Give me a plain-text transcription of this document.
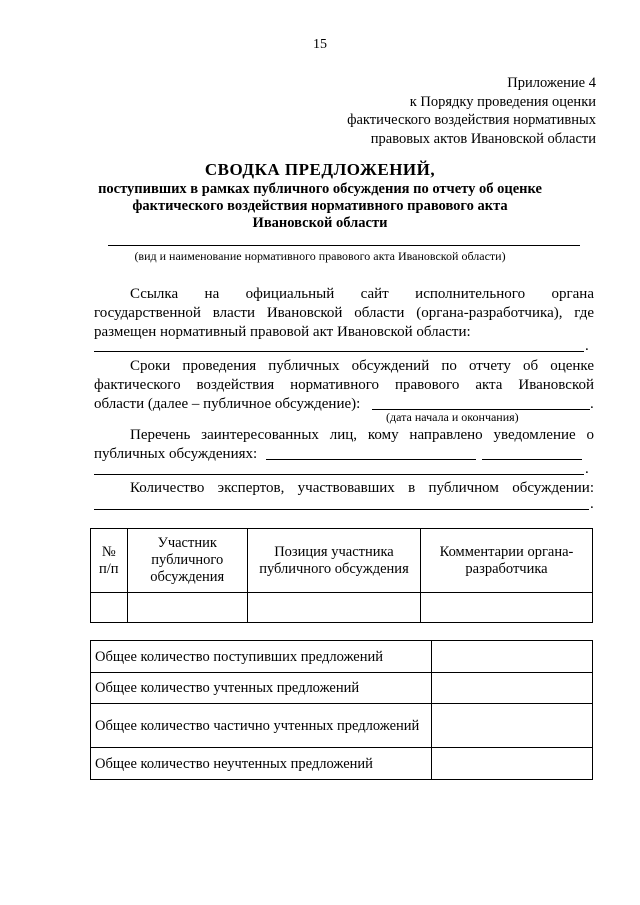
15
Приложение 4
к Порядку проведения оценки
фактического воздействия нормативных
правовых актов Ивановской области
СВОДКА ПРЕДЛОЖЕНИЙ,
поступивших в рамках публичного обсуждения по отчету об оценке
фактического воздействия нормативного правового акта
Ивановской области
(вид и наименование нормативного правового акта Ивановской области)
Ссылка на официальный сайт исполнительного органа
государственной власти Ивановской области (органа-разработчика), где
размещен нормативный правовой акт Ивановской области:
.
Сроки проведения публичных обсуждений по отчету об оценке
фактического воздействия нормативного правового акта Ивановской
области (далее – публичное обсуждение):	.
(дата начала и окончания)
Перечень заинтересованных лиц, кому направлено уведомление о
публичных обсуждениях:
.
Количество экспертов, участвовавших в публичном обсуждении:
.
№ п/п	Участник публичного обсуждения	Позиция участника публичного обсуждения	Комментарии органа-разработчика

Общее количество поступивших предложений	
Общее количество учтенных предложений	
Общее количество частично учтенных предложений	
Общее количество неучтенных предложений	
